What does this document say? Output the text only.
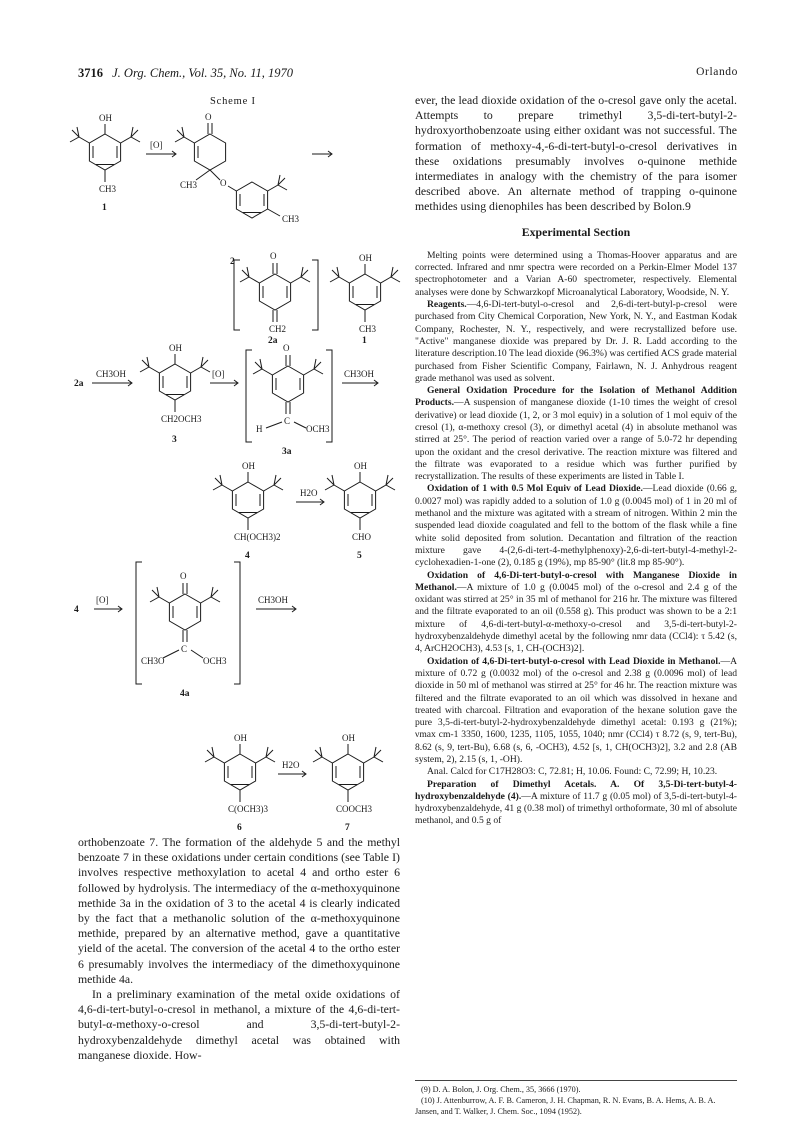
3716 J. Org. Chem., Vol. 35, No. 11, 1970	Orlando
Scheme I
OH
CH3
1
[O]
O
CH3	O
CH3
2
O
CH2
2a
OH
CH3
1
2a
CH3OH
OH
CH2OCH3
3
[O]
O
C
H	OCH3
3a
CH3OH
OH
CH(OCH3)2
4
H2O
OH
CHO
5
4
[O]
O
C
CH3O	OCH3
4a
CH3OH
OH
C(OCH3)3
6
H2O
OH
COOCH3
7

orthobenzoate 7. The formation of the aldehyde 5 and the methyl benzoate 7 in these oxidations under certain conditions (see Table I) involves respective methoxylation to acetal 4 and ortho ester 6 followed by hydrolysis. The intermediacy of the α-methoxyquinone methide 3a in the oxidation of 3 to the acetal 4 is clearly indicated by the fact that a methanolic solution of the α-methoxyquinone methide, prepared by an alternative method, gave a quantitative yield of the acetal. The conversion of the acetal 4 to the ortho ester 6 presumably involves the intermediacy of the dimethoxyquinone methide 4a.

In a preliminary examination of the metal oxide oxidations of 4,6-di-tert-butyl-o-cresol in methanol, a mixture of the 4,6-di-tert-butyl-α-methoxy-o-cresol and 3,5-di-tert-butyl-2-hydroxybenzaldehyde dimethyl acetal was obtained with manganese dioxide. How-

ever, the lead dioxide oxidation of the o-cresol gave only the acetal. Attempts to prepare trimethyl 3,5-di-tert-butyl-2-hydroxyorthobenzoate using either oxidant was not successful. The formation of methoxy-4,-6-di-tert-butyl-o-cresol derivatives in these oxidations presumably involves o-quinone methide intermediates in analogy with the chemistry of the para isomer described above. An alternate method of trapping o-quinone methides using dienophiles has been described by Bolon.9

Experimental Section

Melting points were determined using a Thomas-Hoover apparatus and are corrected. Infrared and nmr spectra were recorded on a Perkin-Elmer Model 137 spectrophotometer and a Varian A-60 spectrometer, respectively. Elemental analyses were done by Schwarzkopf Microanalytical Laboratory, Woodside, N. Y.

Reagents.—4,6-Di-tert-butyl-o-cresol and 2,6-di-tert-butyl-p-cresol were purchased from City Chemical Corporation, New York, N. Y., and Eastman Kodak Company, Rochester, N. Y., respectively, and were recrystallized before use. "Active" manganese dioxide was prepared by Dr. J. R. Ladd according to the literature description.10 The lead dioxide (96.3%) was certified ACS grade material purchased from Fisher Scientific Company, Fairlawn, N. J. Anhydrous reagent grade methanol was used as solvent.

General Oxidation Procedure for the Isolation of Methanol Addition Products.—A suspension of manganese dioxide (1-10 times the weight of cresol derivative) or lead dioxide (1, 2, or 3 mol equiv) in a solution of 1 mol equiv of the cresol (1), α-methoxy cresol (3), or dimethyl acetal (4) in absolute methanol was stirred at 25°. The period of reaction varied over a range of 5.0-72 hr depending upon the oxidant and the cresol derivative. The reaction mixture was filtered and the filtrate was evaporated to a residue which was further purified by recrystallization. The results of these experiments are listed in Table I.

Oxidation of 1 with 0.5 Mol Equiv of Lead Dioxide.—Lead dioxide (0.66 g, 0.0027 mol) was rapidly added to a solution of 1.0 g (0.0045 mol) of 1 in 20 ml of methanol and the mixture was agitated with a stream of nitrogen. Within 2 min the suspended lead dioxide coagulated and fell to the bottom of the flask while a fine white solid deposited from solution. Decantation and filtration of the reaction mixture gave 4-(2,6-di-tert-4-methylphenoxy)-2,6-di-tert-butyl-4-methyl-2-cyclohexadien-1-one (2), 0.185 g (19%), mp 85-90° (lit.8 mp 85-90°).

Oxidation of 4,6-Di-tert-butyl-o-cresol with Manganese Dioxide in Methanol.—A mixture of 1.0 g (0.0045 mol) of the o-cresol and 2.4 g of the oxidant was stirred at 25° in 35 ml of methanol for 216 hr. The mixture was filtered and the filtrate evaporated to an oil (0.558 g). This product was shown to be a 2:1 mixture of 4,6-di-tert-butyl-α-methoxy-o-cresol and 3,5-di-tert-butyl-2-hydroxybenzaldehyde dimethyl acetal by the following nmr data (CCl4): τ 5.42 (s, 4, ArCH2OCH3), 4.53 [s, 1, CH-(OCH3)2].

Oxidation of 4,6-Di-tert-butyl-o-cresol with Lead Dioxide in Methanol.—A mixture of 0.72 g (0.0032 mol) of the o-cresol and 2.38 g (0.0096 mol) of lead dioxide in 50 ml of methanol was stirred at 25° for 46 hr. The reaction mixture was filtered and the filtrate evaporated to an oil which was dissolved in hexane and treated with charcoal. Filtration and evaporation of the hexane solution gave the pure 3,5-di-tert-butyl-2-hydroxybenzaldehyde dimethyl acetal: 0.193 g (21%); νmax cm-1 3350, 1600, 1235, 1105, 1055, 1040; nmr (CCl4) τ 8.72 (s, 9, tert-Bu), 8.62 (s, 9, tert-Bu), 6.68 (s, 6, -OCH3), 4.52 [s, 1, CH(OCH3)2], 3.2 and 2.8 (AB system, 2), 2.15 (s, 1, -OH).

Anal. Calcd for C17H28O3: C, 72.81; H, 10.06. Found: C, 72.99; H, 10.23.

Preparation of Dimethyl Acetals. A. Of 3,5-Di-tert-butyl-4-hydroxybenzaldehyde (4).—A mixture of 11.7 g (0.05 mol) of 3,5-di-tert-butyl-4-hydroxybenzaldehyde, 41 g (0.38 mol) of trimethyl orthoformate, 30 ml of absolute methanol, and 0.5 g of

(9) D. A. Bolon, J. Org. Chem., 35, 3666 (1970).

(10) J. Attenburrow, A. F. B. Cameron, J. H. Chapman, R. N. Evans, B. A. Hems, A. B. A. Jansen, and T. Walker, J. Chem. Soc., 1094 (1952).
